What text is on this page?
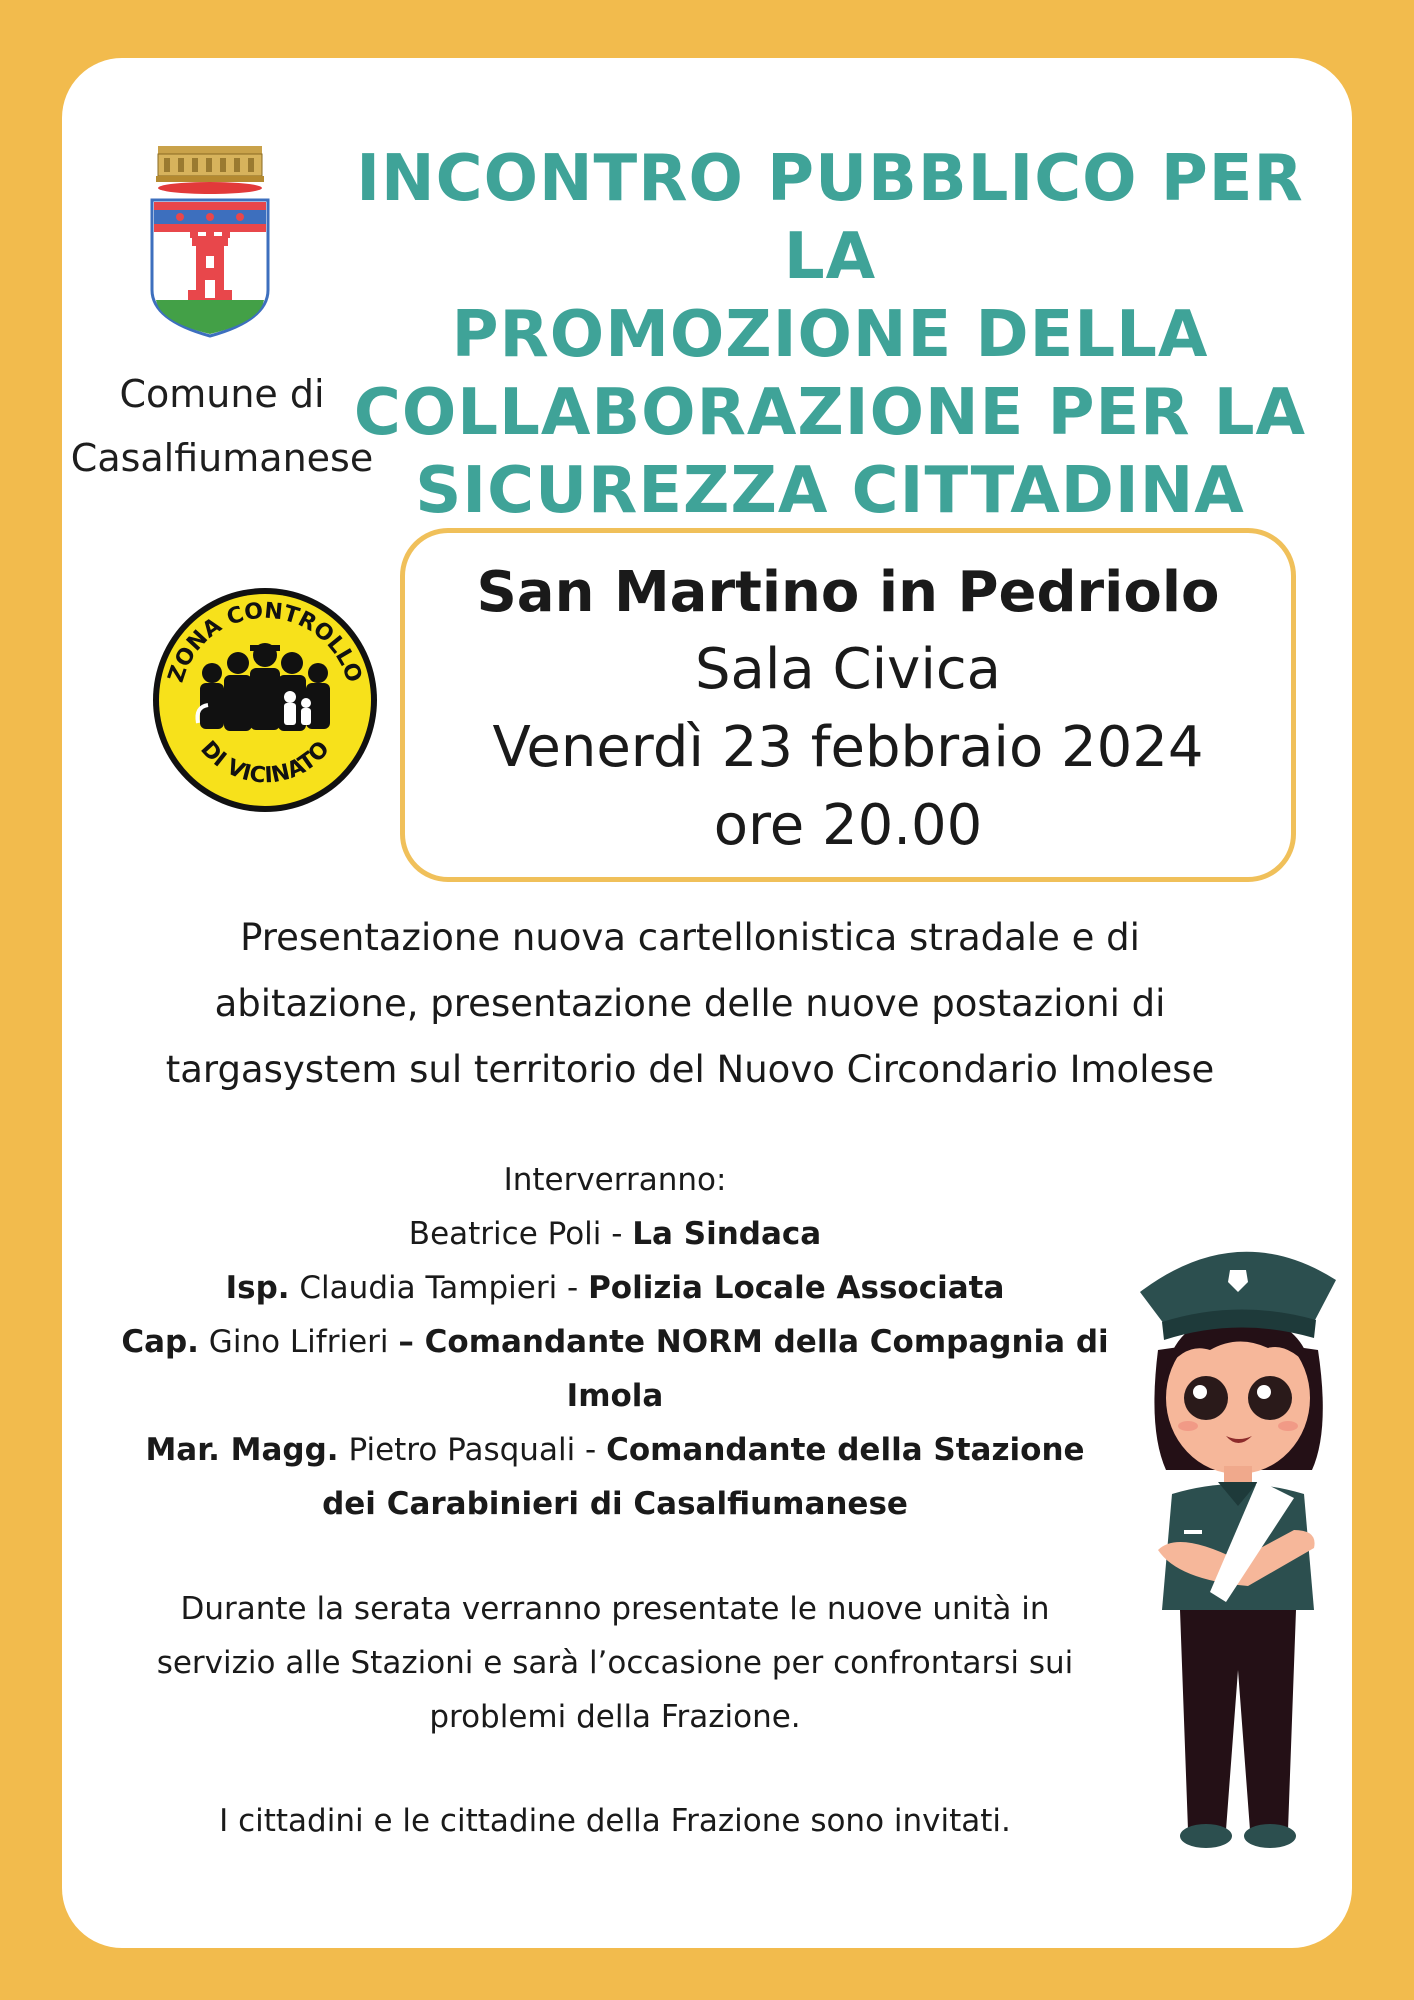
Comune di
Casalfiumanese
INCONTRO PUBBLICO PER LA
PROMOZIONE DELLA
COLLABORAZIONE PER LA
SICUREZZA CITTADINA
ZONA CONTROLLO
DI VICINATO
San Martino in Pedriolo
Sala Civica
Venerdì 23 febbraio 2024
ore 20.00
Presentazione nuova cartellonistica stradale e di
abitazione, presentazione delle nuove postazioni di
targasystem sul territorio del Nuovo Circondario Imolese
Interverranno:
Beatrice Poli - La Sindaca
Isp. Claudia Tampieri - Polizia Locale Associata
Cap. Gino Lifrieri – Comandante NORM della Compagnia di
Imola
Mar. Magg. Pietro Pasquali - Comandante della Stazione
dei Carabinieri di Casalfiumanese
Durante la serata verranno presentate le nuove unità in
servizio alle Stazioni e sarà l’occasione per confrontarsi sui
problemi della Frazione.
I cittadini e le cittadine della Frazione sono invitati.
